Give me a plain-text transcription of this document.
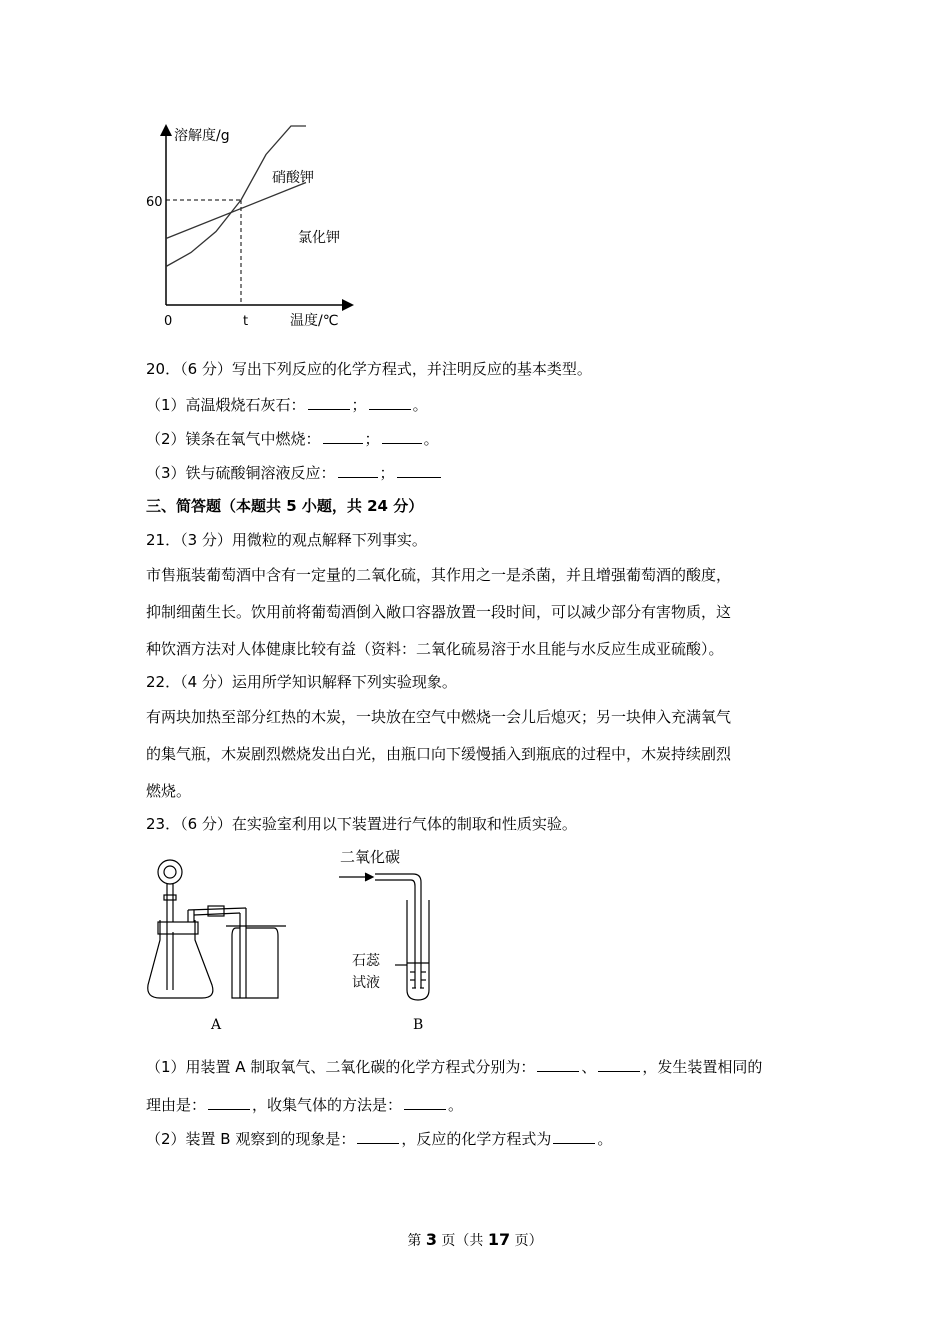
溶解度/g
温度/℃
0
60
t
硝酸钾
氯化钾
20．（6 分）写出下列反应的化学方程式，并注明反应的基本类型。
（1）高温煅烧石灰石：	；	。
（2）镁条在氧气中燃烧：	；	。
（3）铁与硫酸铜溶液反应：	；
三、简答题（本题共 5 小题，共 24 分）
21．（3 分）用微粒的观点解释下列事实。
市售瓶装葡萄酒中含有一定量的二氧化硫，其作用之一是杀菌，并且增强葡萄酒的酸度，
抑制细菌生长。饮用前将葡萄酒倒入敞口容器放置一段时间，可以减少部分有害物质，这
种饮酒方法对人体健康比较有益（资料：二氧化硫易溶于水且能与水反应生成亚硫酸）。
22．（4 分）运用所学知识解释下列实验现象。
有两块加热至部分红热的木炭，一块放在空气中燃烧一会儿后熄灭；另一块伸入充满氧气
的集气瓶，木炭剧烈燃烧发出白光，由瓶口向下缓慢插入到瓶底的过程中，木炭持续剧烈
燃烧。
23．（6 分）在实验室利用以下装置进行气体的制取和性质实验。
A
二氧化碳
石蕊
试液
B
（1）用装置 A 制取氧气、二氧化碳的化学方程式分别为：	、	，发生装置相同的
理由是：	，收集气体的方法是：	。
（2）装置 B 观察到的现象是：	，反应的化学方程式为	。
第 3 页（共 17 页）
